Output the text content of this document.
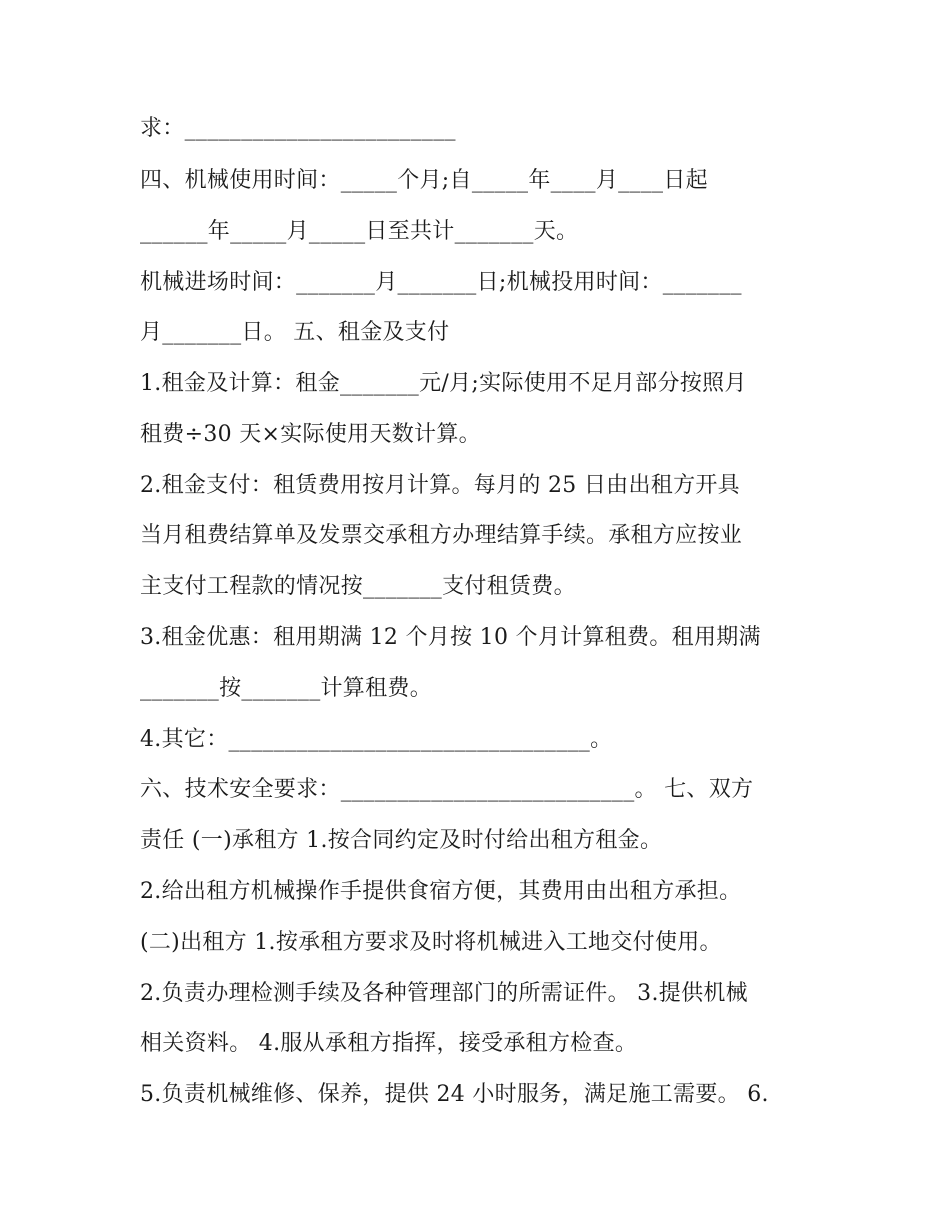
求：________________________
四、机械使用时间：_____个月;自_____年____月____日起
______年_____月_____日至共计_______天。
机械进场时间：_______月_______日;机械投用时间：_______
月_______日。 五、租金及支付
1.租金及计算：租金_______元/月;实际使用不足月部分按照月
租费÷30 天×实际使用天数计算。
2.租金支付：租赁费用按月计算。每月的 25 日由出租方开具
当月租费结算单及发票交承租方办理结算手续。承租方应按业
主支付工程款的情况按_______支付租赁费。
3.租金优惠：租用期满 12 个月按 10 个月计算租费。租用期满
_______按_______计算租费。
4.其它：________________________________。
六、技术安全要求：__________________________。 七、双方
责任 (一)承租方 1.按合同约定及时付给出租方租金。
2.给出租方机械操作手提供食宿方便，其费用由出租方承担。
(二)出租方 1.按承租方要求及时将机械进入工地交付使用。
2.负责办理检测手续及各种管理部门的所需证件。 3.提供机械
相关资料。 4.服从承租方指挥，接受承租方检查。
5.负责机械维修、保养，提供 24 小时服务，满足施工需要。 6.
